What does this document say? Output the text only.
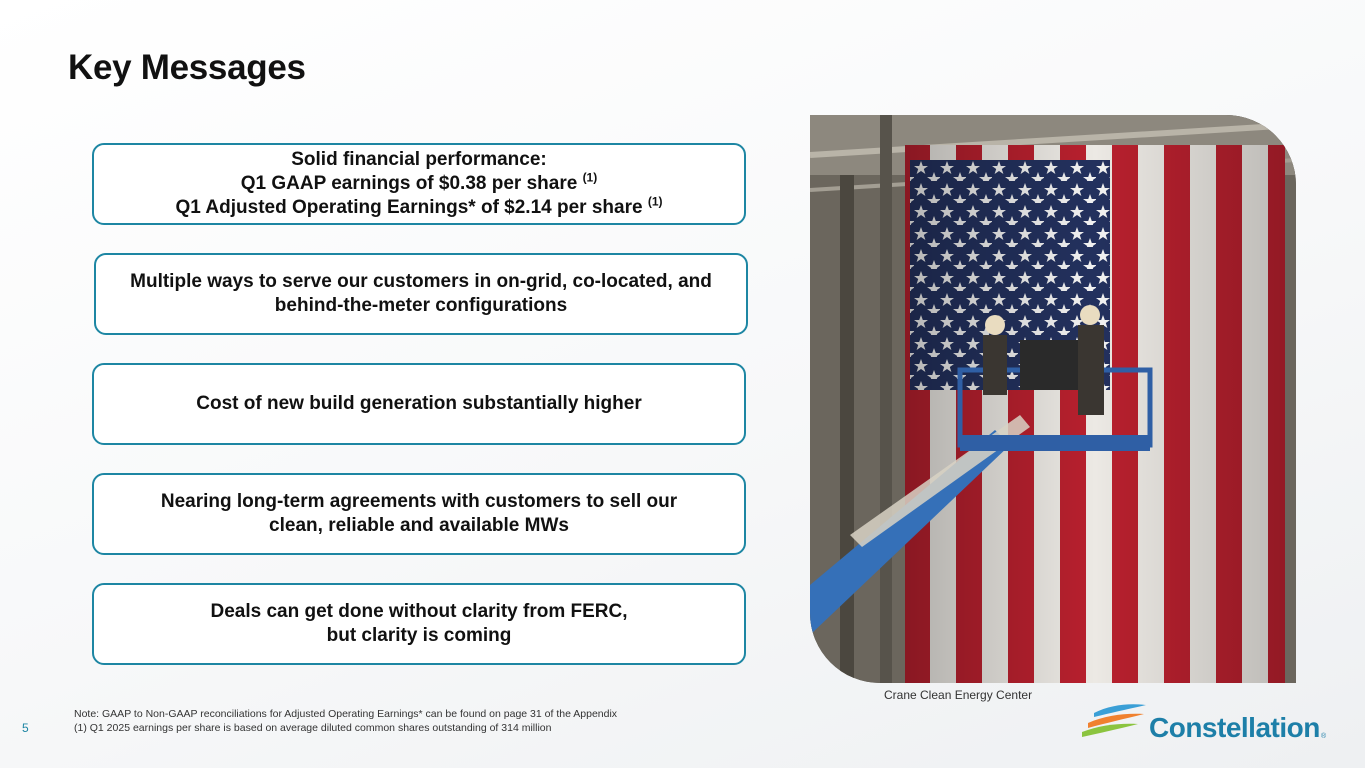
Key Messages
Solid financial performance:
Q1 GAAP earnings of $0.38 per share $^{(1)}$
Q1 Adjusted Operating Earnings* of $2.14 per share $^{(1)}$
Multiple ways to serve our customers in on-grid, co-located, and
behind-the-meter configurations
Cost of new build generation substantially higher
Nearing long-term agreements with customers to sell our
clean, reliable and available MWs
Deals can get done without clarity from FERC,
but clarity is coming
Crane Clean Energy Center
Note: GAAP to Non-GAAP reconciliations for Adjusted Operating Earnings* can be found on page 31 of the Appendix
(1) Q1 2025 earnings per share is based on average diluted common shares outstanding of 314 million
5	Constellation ®
